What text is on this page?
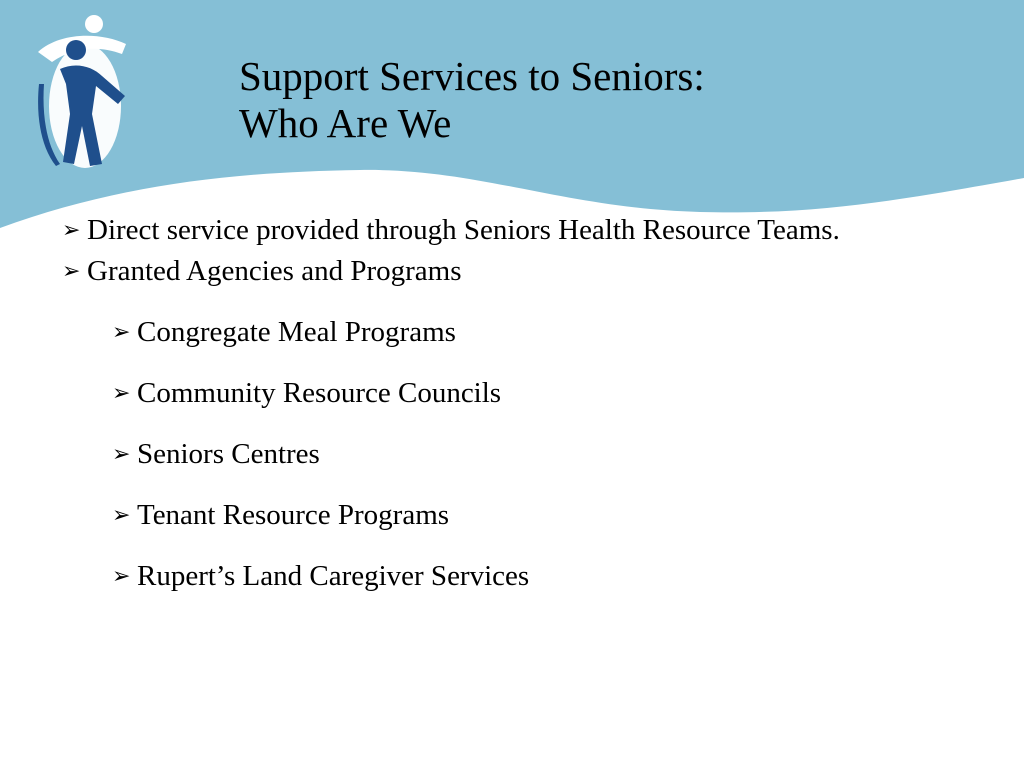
Support Services to Seniors:
Who Are We
➢ Direct service provided through Seniors Health Resource Teams.
➢ Granted Agencies and Programs
➢ Congregate Meal Programs
➢ Community Resource Councils
➢ Seniors Centres
➢ Tenant Resource Programs
➢ Rupert’s Land Caregiver Services
